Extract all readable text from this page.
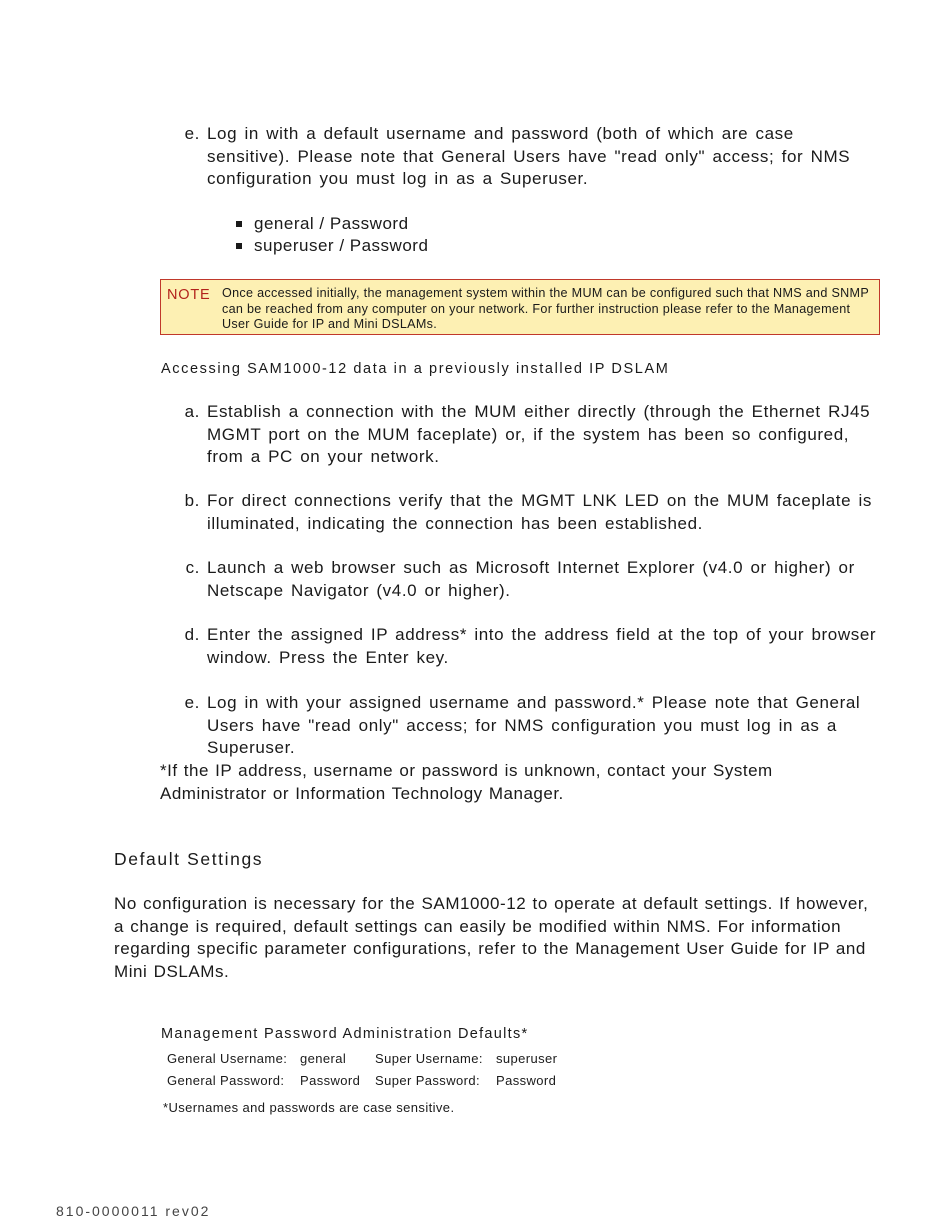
e. Log in with a default username and password (both of which are case sensitive). Please note that General Users have "read only" access; for NMS configuration you must log in as a Superuser.
general / Password
superuser / Password
NOTE Once accessed initially, the management system within the MUM can be configured such that NMS and SNMP can be reached from any computer on your network. For further instruction please refer to the Management User Guide for IP and Mini DSLAMs.
Accessing SAM1000-12 data in a previously installed IP DSLAM
a. Establish a connection with the MUM either directly (through the Ethernet RJ45 MGMT port on the MUM faceplate) or, if the system has been so configured, from a PC on your network.
b. For direct connections verify that the MGMT LNK LED on the MUM faceplate is illuminated, indicating the connection has been established.
c. Launch a web browser such as Microsoft Internet Explorer (v4.0 or higher) or Netscape Navigator (v4.0 or higher).
d. Enter the assigned IP address* into the address field at the top of your browser window. Press the Enter key.
e. Log in with your assigned username and password.* Please note that General Users have "read only" access; for NMS configuration you must log in as a Superuser.
*If the IP address, username or password is unknown, contact your System Administrator or Information Technology Manager.
Default Settings
No configuration is necessary for the SAM1000-12 to operate at default settings. If however, a change is required, default settings can easily be modified within NMS. For information regarding specific parameter configurations, refer to the Management User Guide for IP and Mini DSLAMs.
Management Password Administration Defaults*
General Username: general Super Username: superuser
General Password: Password Super Password: Password
*Usernames and passwords are case sensitive.
810-0000011 rev02
